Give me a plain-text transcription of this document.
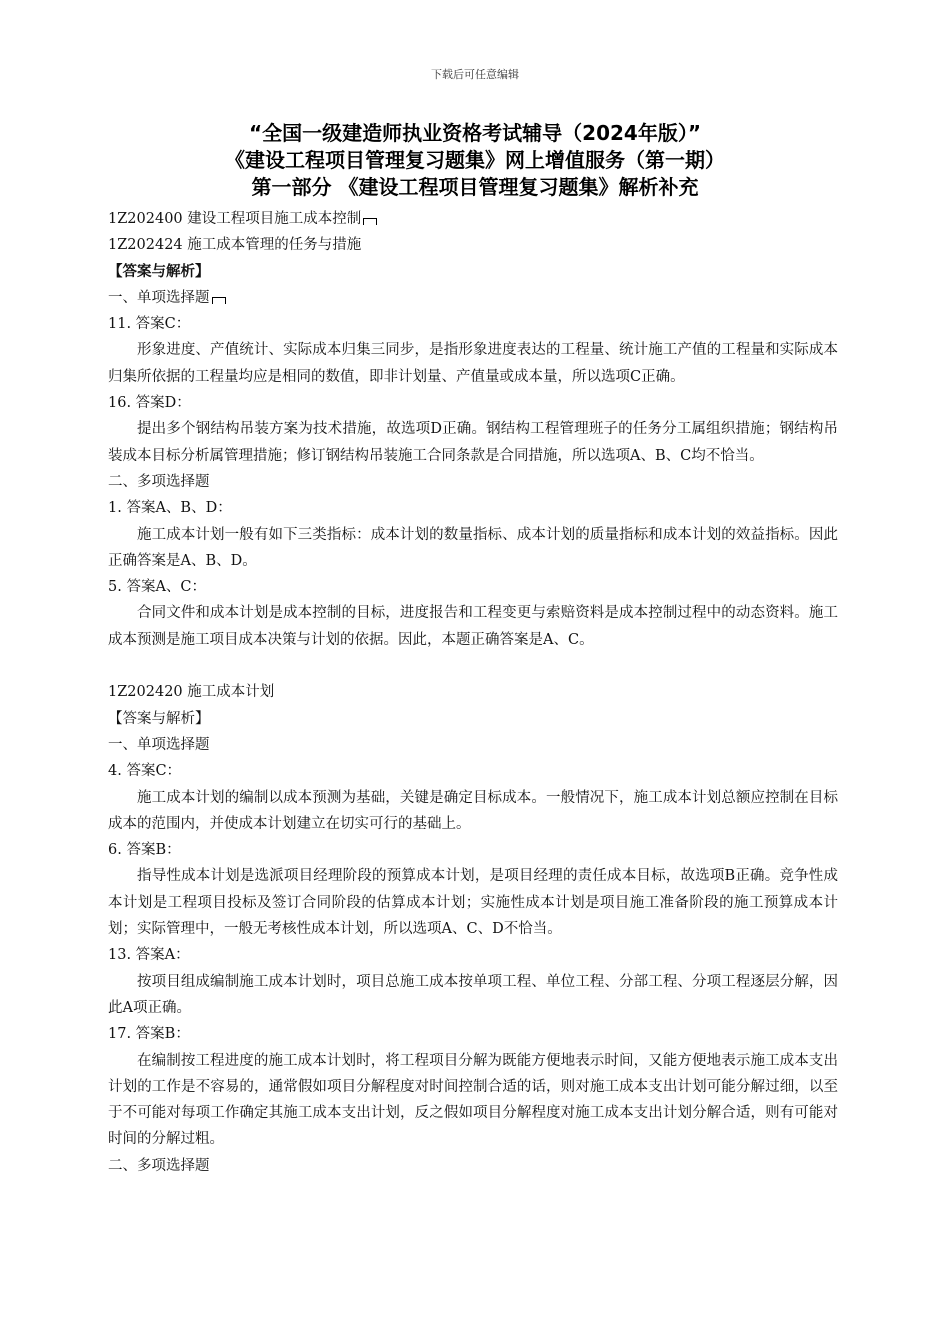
下载后可任意编辑
“全国一级建造师执业资格考试辅导（2024年版）”
《建设工程项目管理复习题集》网上增值服务（第一期）
第一部分 《建设工程项目管理复习题集》解析补充
1Z202400 建设工程项目施工成本控制
1Z202424 施工成本管理的任务与措施
【答案与解析】
一、单项选择题
11. 答案C：
形象进度、产值统计、实际成本归集三同步，是指形象进度表达的工程量、统计施工产值的工程量和实际成本归集所依据的工程量均应是相同的数值，即非计划量、产值量或成本量，所以选项C正确。
16. 答案D：
提出多个钢结构吊装方案为技术措施，故选项D正确。钢结构工程管理班子的任务分工属组织措施；钢结构吊装成本目标分析属管理措施；修订钢结构吊装施工合同条款是合同措施，所以选项A、B、C均不恰当。
二、多项选择题
1. 答案A、B、D：
施工成本计划一般有如下三类指标：成本计划的数量指标、成本计划的质量指标和成本计划的效益指标。因此正确答案是A、B、D。
5. 答案A、C：
合同文件和成本计划是成本控制的目标，进度报告和工程变更与索赔资料是成本控制过程中的动态资料。施工成本预测是施工项目成本决策与计划的依据。因此，本题正确答案是A、C。
1Z202420 施工成本计划
【答案与解析】
一、单项选择题
4. 答案C：
施工成本计划的编制以成本预测为基础，关键是确定目标成本。一般情况下，施工成本计划总额应控制在目标成本的范围内，并使成本计划建立在切实可行的基础上。
6. 答案B：
指导性成本计划是选派项目经理阶段的预算成本计划，是项目经理的责任成本目标，故选项B正确。竞争性成本计划是工程项目投标及签订合同阶段的估算成本计划；实施性成本计划是项目施工准备阶段的施工预算成本计划；实际管理中，一般无考核性成本计划，所以选项A、C、D不恰当。
13. 答案A：
按项目组成编制施工成本计划时，项目总施工成本按单项工程、单位工程、分部工程、分项工程逐层分解，因此A项正确。
17. 答案B：
在编制按工程进度的施工成本计划时，将工程项目分解为既能方便地表示时间，又能方便地表示施工成本支出计划的工作是不容易的，通常假如项目分解程度对时间控制合适的话，则对施工成本支出计划可能分解过细，以至于不可能对每项工作确定其施工成本支出计划，反之假如项目分解程度对施工成本支出计划分解合适，则有可能对时间的分解过粗。
二、多项选择题
